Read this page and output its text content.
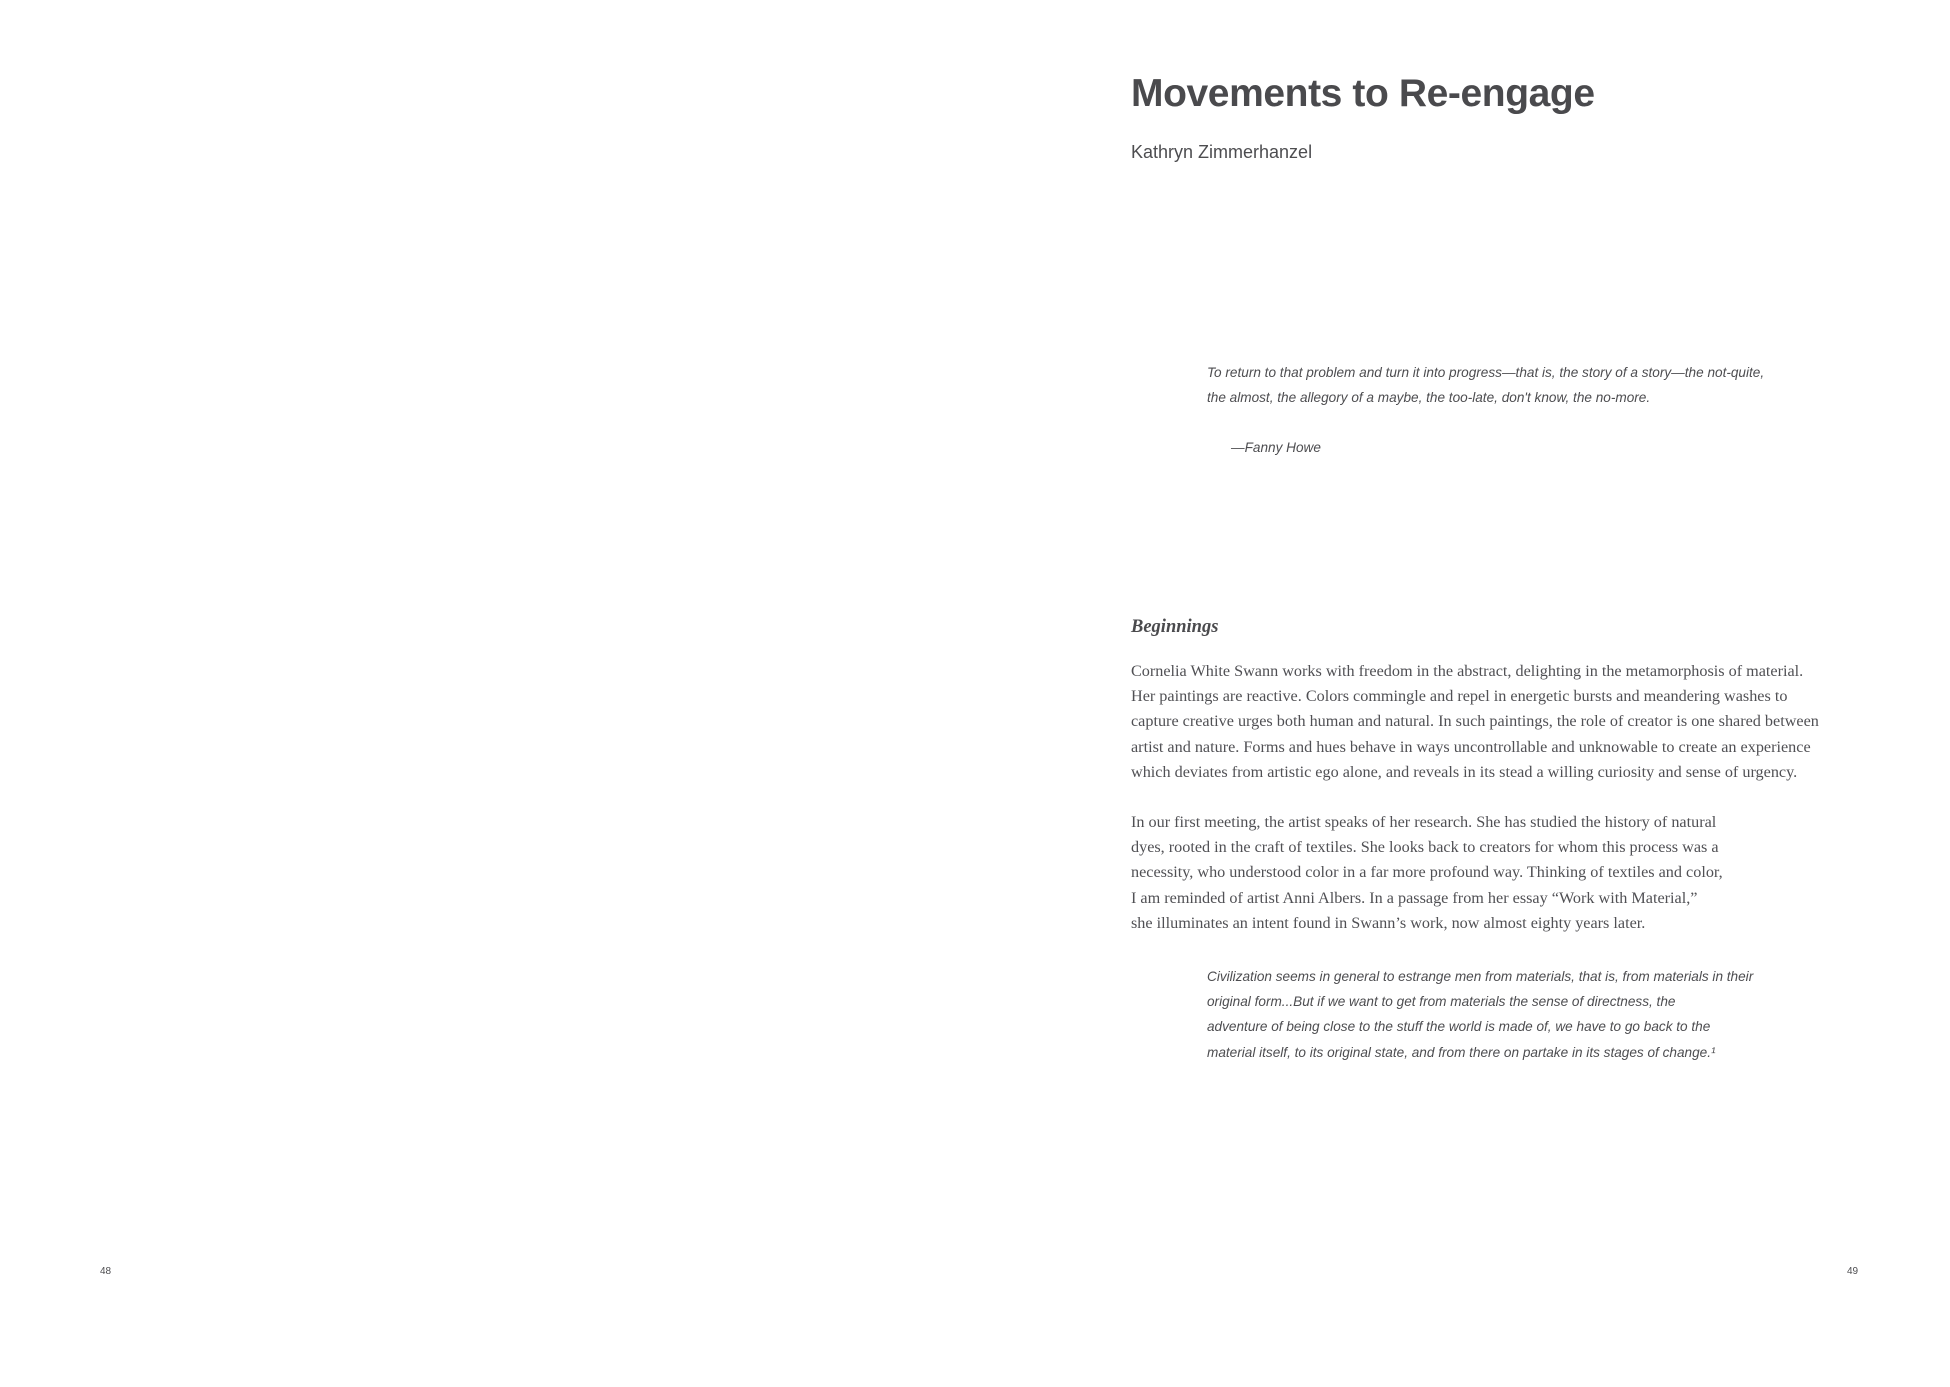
48
Movements to Re-engage
Kathryn Zimmerhanzel
To return to that problem and turn it into progress—that is, the story of a story—the not-quite,
the almost, the allegory of a maybe, the too-late, don't know, the no-more.
—Fanny Howe
Beginnings

Cornelia White Swann works with freedom in the abstract, delighting in the metamorphosis of material.
Her paintings are reactive. Colors commingle and repel in energetic bursts and meandering washes to
capture creative urges both human and natural. In such paintings, the role of creator is one shared between
artist and nature. Forms and hues behave in ways uncontrollable and unknowable to create an experience
which deviates from artistic ego alone, and reveals in its stead a willing curiosity and sense of urgency.

In our first meeting, the artist speaks of her research. She has studied the history of natural
dyes, rooted in the craft of textiles. She looks back to creators for whom this process was a
necessity, who understood color in a far more profound way. Thinking of textiles and color,
I am reminded of artist Anni Albers. In a passage from her essay “Work with Material,”
she illuminates an intent found in Swann’s work, now almost eighty years later.

Civilization seems in general to estrange men from materials, that is, from materials in their
original form...But if we want to get from materials the sense of directness, the
adventure of being close to the stuff the world is made of, we have to go back to the
material itself, to its original state, and from there on partake in its stages of change.¹
49
